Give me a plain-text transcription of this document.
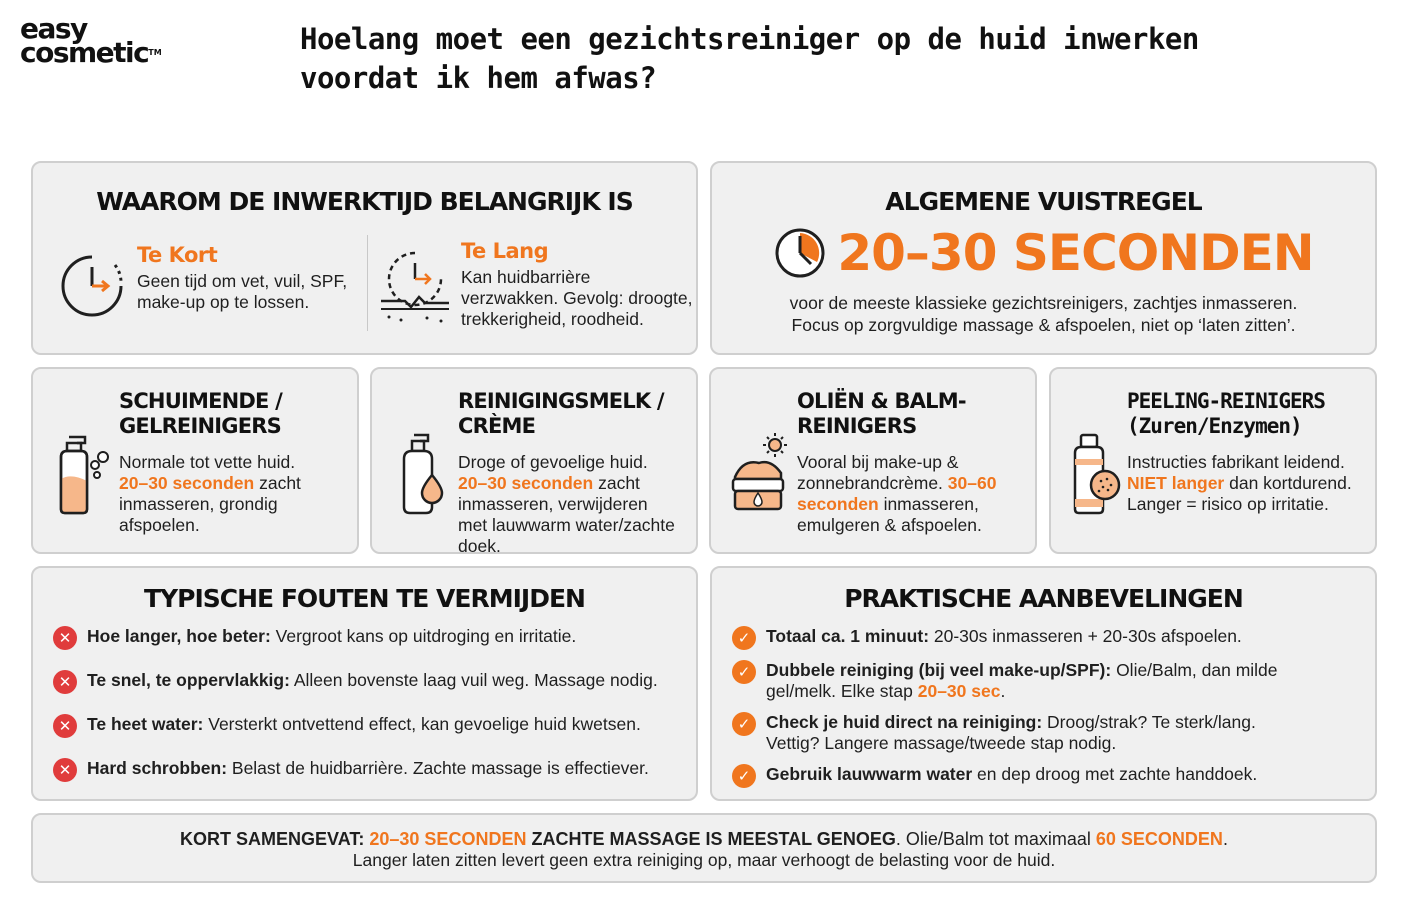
easy
cosmetic™	Hoelang moet een gezichtsreiniger op de huid inwerken
voordat ik hem afwas?
WAAROM DE INWERKTIJD BELANGRIJK IS
Te Kort
Geen tijd om vet, vuil, SPF,
make-up op te lossen.
Te Lang
Kan huidbarrière
verzwakken. Gevolg: droogte,
trekkerigheid, roodheid.
ALGEMENE VUISTREGEL
20–30 SECONDEN
voor de meeste klassieke gezichtsreinigers, zachtjes inmasseren.
Focus op zorgvuldige massage & afspoelen, niet op ‘laten zitten’.
SCHUIMENDE /
GELREINIGERS
Normale tot vette huid.
20–30 seconden zacht
inmasseren, grondig
afspoelen.
REINIGINGSMELK /
CRÈME
Droge of gevoelige huid.
20–30 seconden zacht
inmasseren, verwijderen
met lauwwarm water/zachte
doek.
OLIËN & BALM-
REINIGERS
Vooral bij make-up &
zonnebrandcrème. 30–60
seconden inmasseren,
emulgeren & afspoelen.
PEELING-REINIGERS
(Zuren/Enzymen)
Instructies fabrikant leidend.
NIET langer dan kortdurend.
Langer = risico op irritatie.
TYPISCHE FOUTEN TE VERMIJDEN
✕ Hoe langer, hoe beter: Vergroot kans op uitdroging en irritatie.
✕ Te snel, te oppervlakkig: Alleen bovenste laag vuil weg. Massage nodig.
✕ Te heet water: Versterkt ontvettend effect, kan gevoelige huid kwetsen.
✕ Hard schrobben: Belast de huidbarrière. Zachte massage is effectiever.
PRAKTISCHE AANBEVELINGEN
✓ Totaal ca. 1 minuut: 20-30s inmasseren + 20-30s afspoelen.
✓ Dubbele reiniging (bij veel make-up/SPF): Olie/Balm, dan milde
gel/melk. Elke stap 20–30 sec.
✓ Check je huid direct na reiniging: Droog/strak? Te sterk/lang.
Vettig? Langere massage/tweede stap nodig.
✓ Gebruik lauwwarm water en dep droog met zachte handdoek.
KORT SAMENGEVAT: 20–30 SECONDEN ZACHTE MASSAGE IS MEESTAL GENOEG. Olie/Balm tot maximaal 60 SECONDEN.
Langer laten zitten levert geen extra reiniging op, maar verhoogt de belasting voor de huid.
